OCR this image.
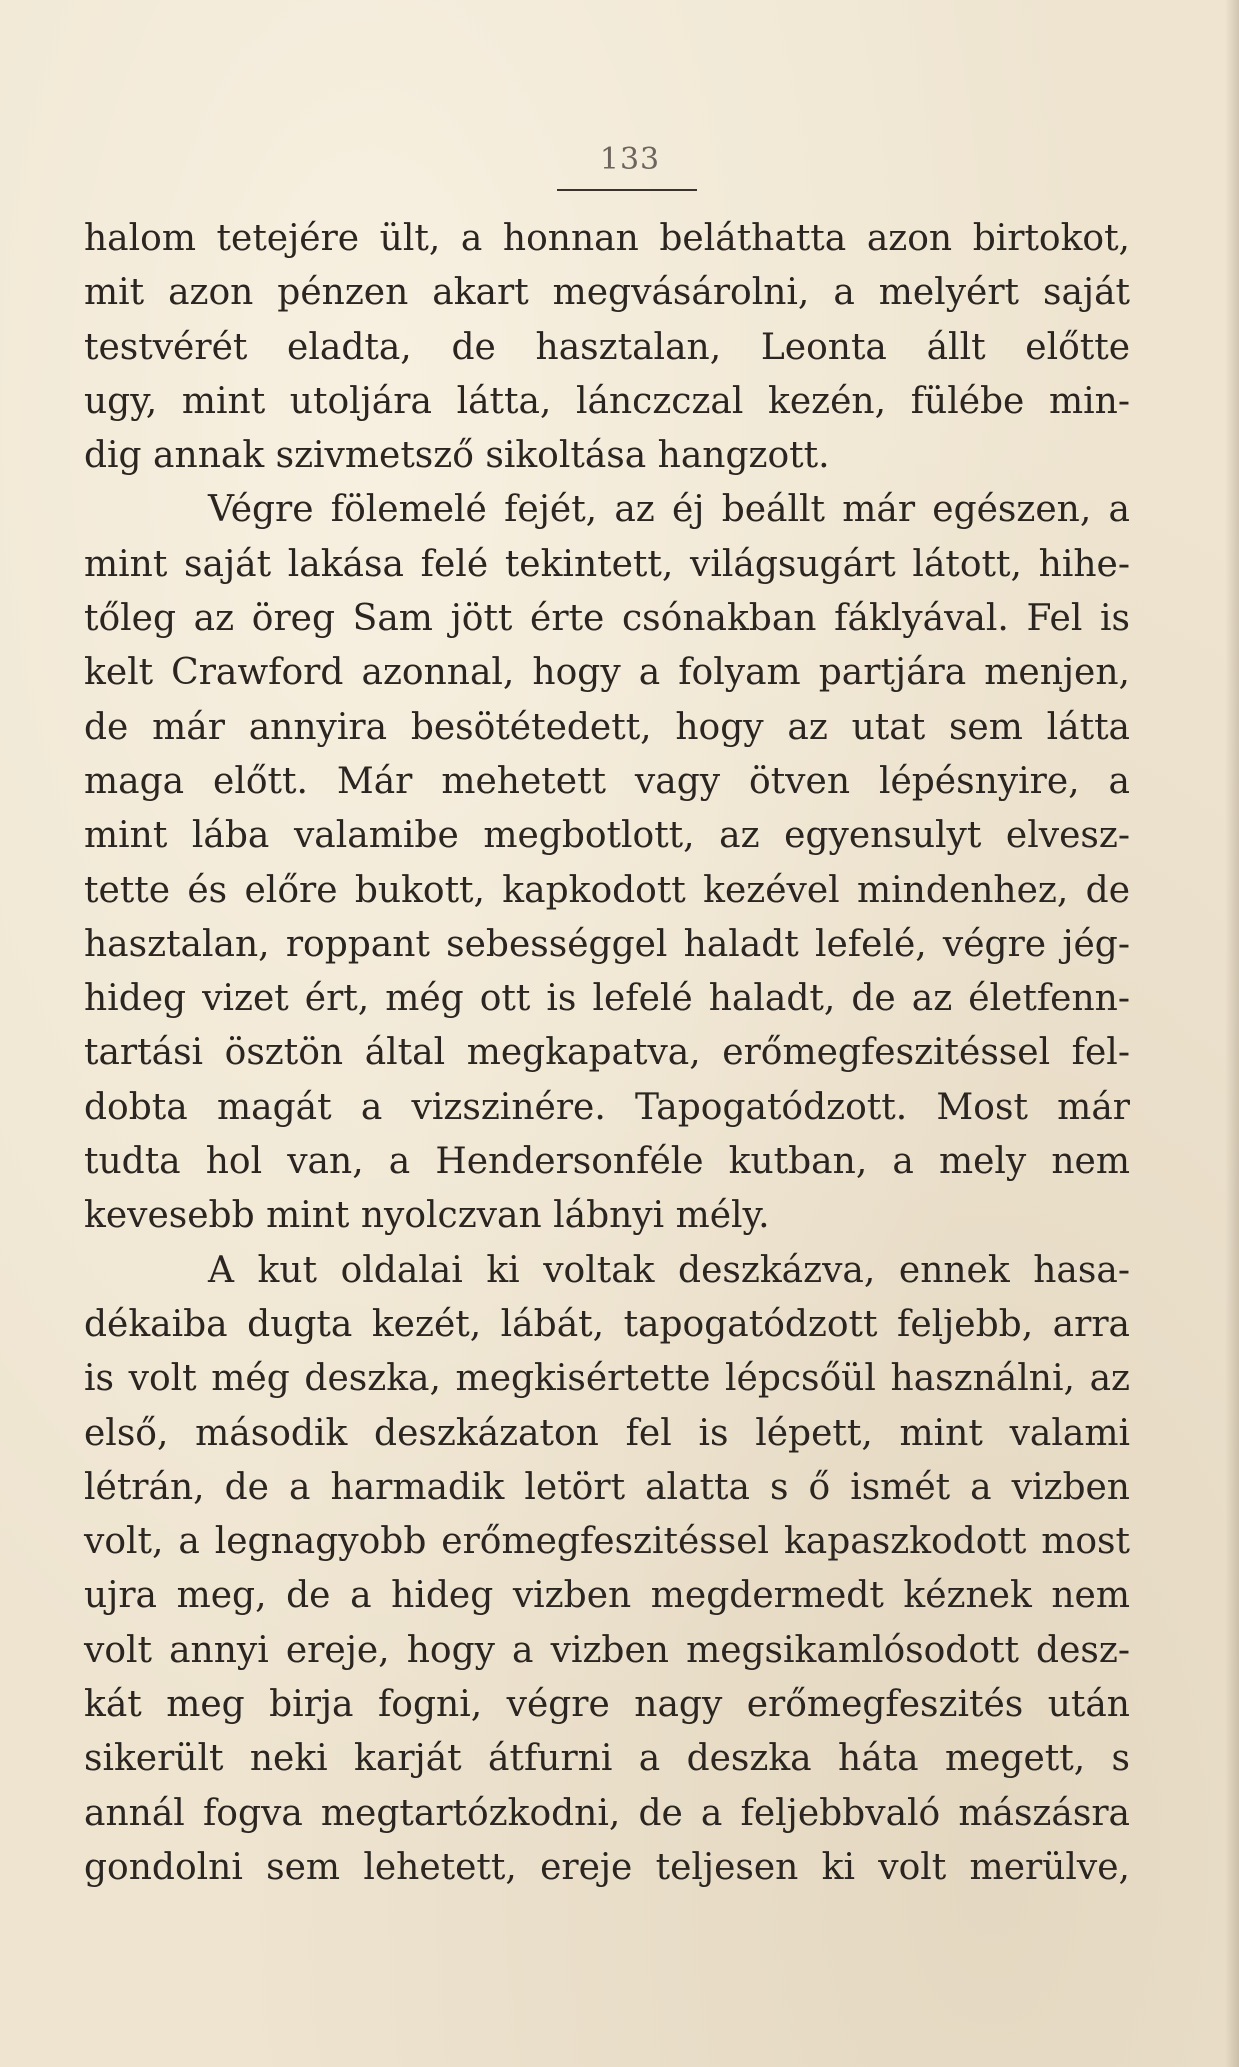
133
halom tetejére ült, a honnan beláthatta azon birtokot,
mit azon pénzen akart megvásárolni, a melyért saját
testvérét eladta, de hasztalan, Leonta állt előtte
ugy, mint utoljára látta, lánczczal kezén, fülébe min-
dig annak szivmetsző sikoltása hangzott.
Végre fölemelé fejét, az éj beállt már egészen, a
mint saját lakása felé tekintett, világsugárt látott, hihe-
tőleg az öreg Sam jött érte csónakban fáklyával. Fel is
kelt Crawford azonnal, hogy a folyam partjára menjen,
de már annyira besötétedett, hogy az utat sem látta
maga előtt. Már mehetett vagy ötven lépésnyire, a
mint lába valamibe megbotlott, az egyensulyt elvesz-
tette és előre bukott, kapkodott kezével mindenhez, de
hasztalan, roppant sebességgel haladt lefelé, végre jég-
hideg vizet ért, még ott is lefelé haladt, de az életfenn-
tartási ösztön által megkapatva, erőmegfeszitéssel fel-
dobta magát a vizszinére. Tapogatódzott. Most már
tudta hol van, a Hendersonféle kutban, a mely nem
kevesebb mint nyolczvan lábnyi mély.
A kut oldalai ki voltak deszkázva, ennek hasa-
dékaiba dugta kezét, lábát, tapogatódzott feljebb, arra
is volt még deszka, megkisértette lépcsőül használni, az
első, második deszkázaton fel is lépett, mint valami
létrán, de a harmadik letört alatta s ő ismét a vizben
volt, a legnagyobb erőmegfeszitéssel kapaszkodott most
ujra meg, de a hideg vizben megdermedt kéznek nem
volt annyi ereje, hogy a vizben megsikamlósodott desz-
kát meg birja fogni, végre nagy erőmegfeszités után
sikerült neki karját átfurni a deszka háta megett, s
annál fogva megtartózkodni, de a feljebbvaló mászásra
gondolni sem lehetett, ereje teljesen ki volt merülve,
